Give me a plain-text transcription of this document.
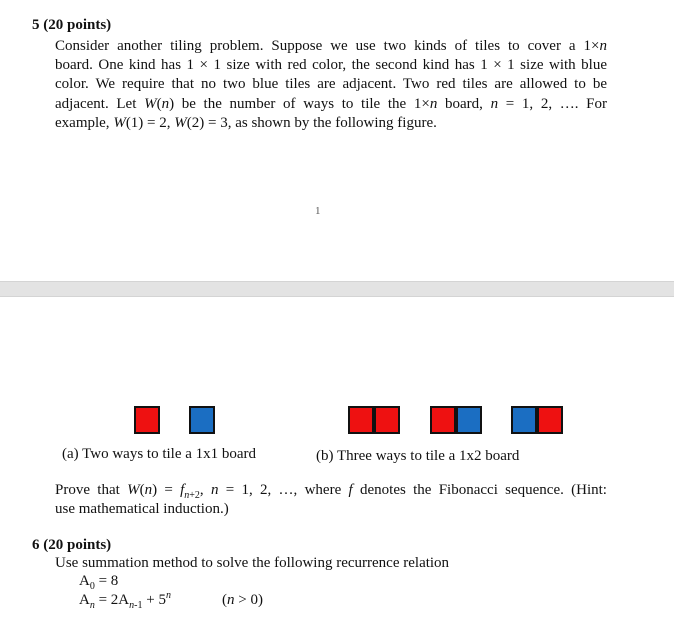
5 (20 points)
Consider another tiling problem. Suppose we use two kinds of tiles to cover a 1×n
board. One kind has 1 × 1 size with red color, the second kind has 1 × 1 size with blue
color. We require that no two blue tiles are adjacent. Two red tiles are allowed to be
adjacent. Let W(n) be the number of ways to tile the 1×n board, n = 1, 2, …. For
example, W(1) = 2, W(2) = 3, as shown by the following figure.
1
(a) Two ways to tile a 1x1 board	(b) Three ways to tile a 1x2 board
Prove that $W(n) = f_{n+2}$, n = 1, 2, …, where f denotes the Fibonacci sequence. (Hint:
use mathematical induction.)
6 (20 points)
Use summation method to solve the following recurrence relation
$A_0 = 8$
$A_n = 2A_{n-1} + 5^n$	(n > 0)
